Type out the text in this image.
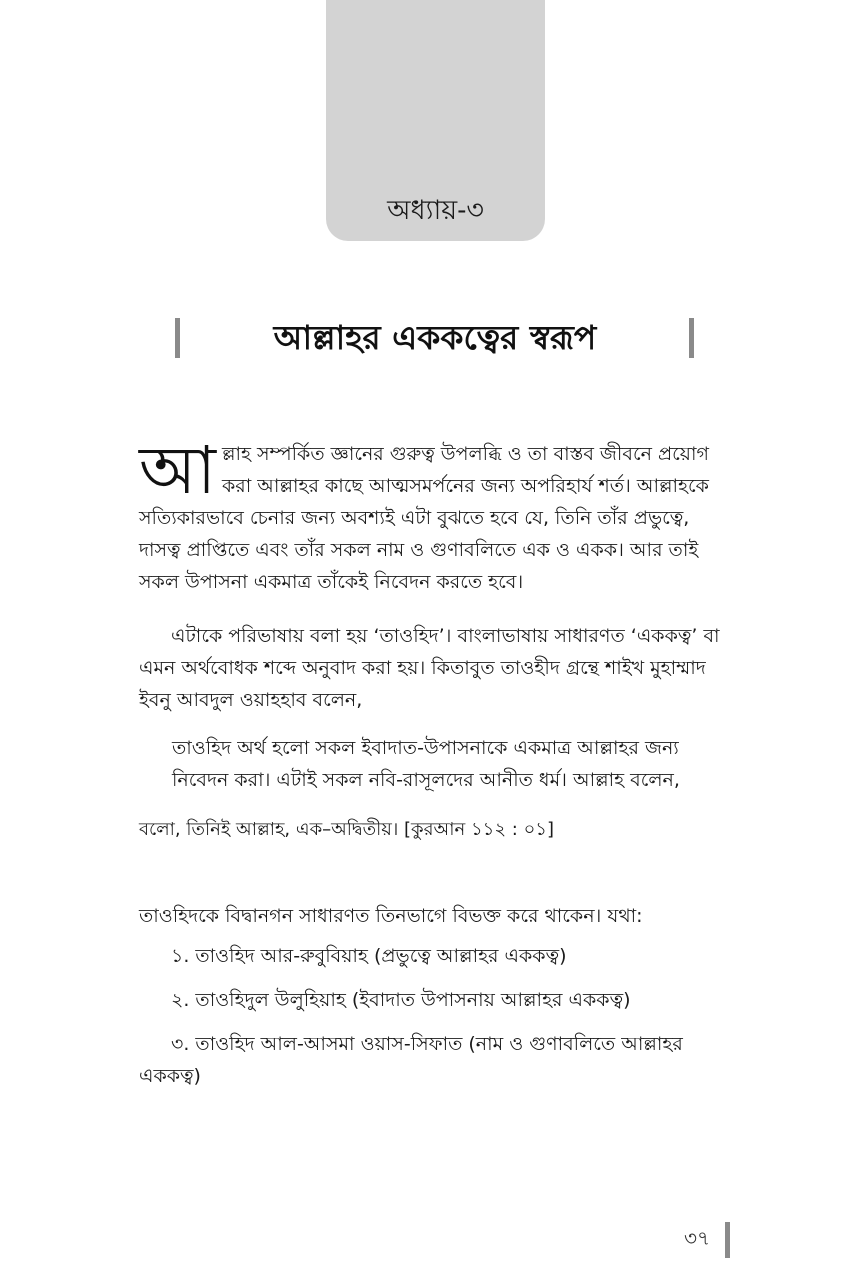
অধ্যায়-৩
আল্লাহর এককত্বের স্বরূপ
আল্লাহ সম্পর্কিত জ্ঞানের গুরুত্ব উপলব্ধি ও তা বাস্তব জীবনে প্রয়োগ করা আল্লাহর কাছে আত্মসমর্পনের জন্য অপরিহার্য শর্ত। আল্লাহকে সত্যিকারভাবে চেনার জন্য অবশ্যই এটা বুঝতে হবে যে, তিনি তাঁর প্রভুত্বে, দাসত্ব প্রাপ্তিতে এবং তাঁর সকল নাম ও গুণাবলিতে এক ও একক। আর তাই সকল উপাসনা একমাত্র তাঁকেই নিবেদন করতে হবে।
এটাকে পরিভাষায় বলা হয় ‘তাওহিদ’। বাংলাভাষায় সাধারণত ‘এককত্ব’ বা এমন অর্থবোধক শব্দে অনুবাদ করা হয়। কিতাবুত তাওহীদ গ্রন্থে শাইখ মুহাম্মাদ ইবনু আবদুল ওয়াহহাব বলেন,
তাওহিদ অর্থ হলো সকল ইবাদাত-উপাসনাকে একমাত্র আল্লাহর জন্য নিবেদন করা। এটাই সকল নবি-রাসূলদের আনীত ধর্ম। আল্লাহ বলেন,
বলো, তিনিই আল্লাহ, এক–অদ্বিতীয়। [কুরআন ১১২ : ০১]
তাওহিদকে বিদ্বানগন সাধারণত তিনভাগে বিভক্ত করে থাকেন। যথা:
১. তাওহিদ আর-রুবুবিয়াহ (প্রভুত্বে আল্লাহর এককত্ব)
২. তাওহিদুল উলুহিয়াহ (ইবাদাত উপাসনায় আল্লাহর এককত্ব)
৩. তাওহিদ আল-আসমা ওয়াস-সিফাত (নাম ও গুণাবলিতে আল্লাহর এককত্ব)
৩৭
